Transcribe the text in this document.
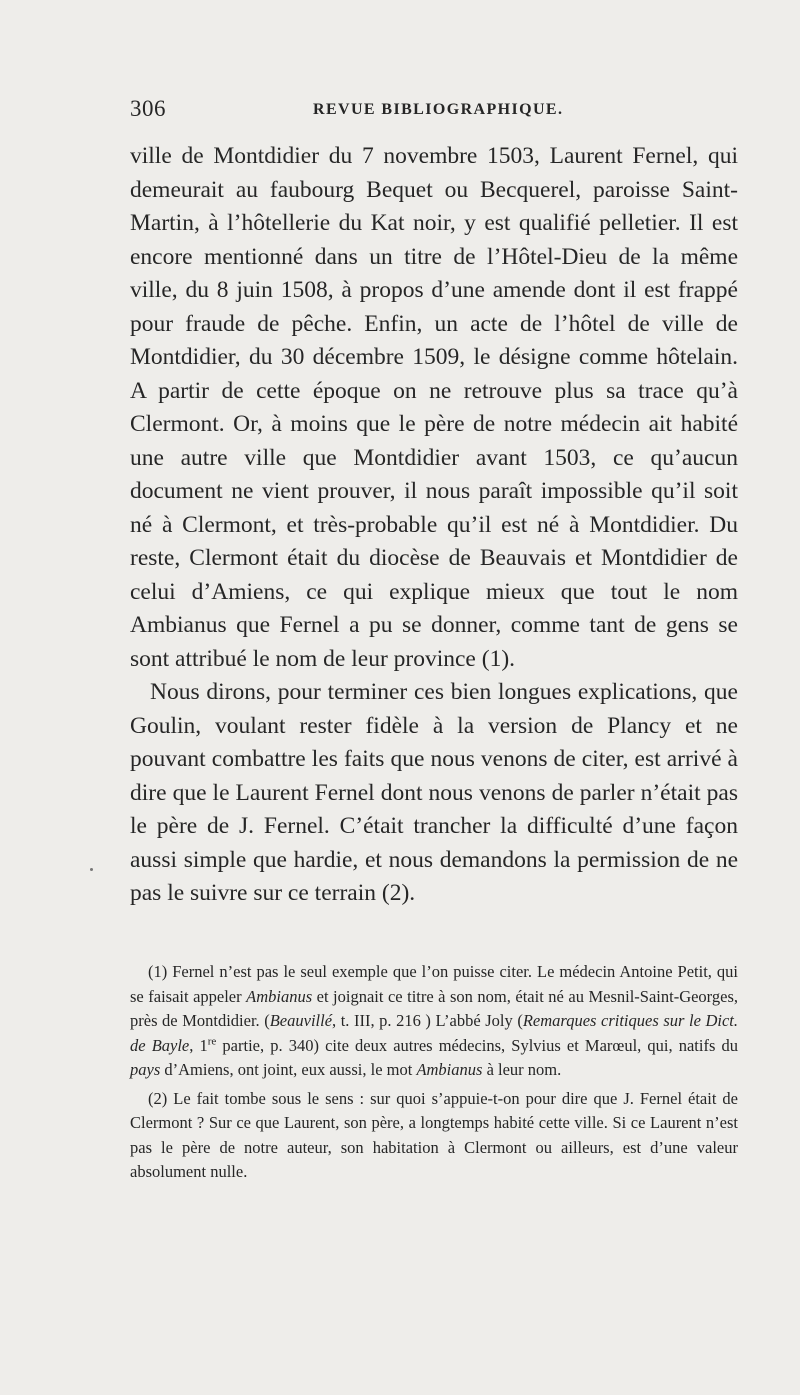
306	REVUE BIBLIOGRAPHIQUE.

ville de Montdidier du 7 novembre 1503, Laurent Fernel, qui demeurait au faubourg Bequet ou Becquerel, paroisse Saint-Martin, à l’hôtellerie du Kat noir, y est qualifié pelletier. Il est encore mentionné dans un titre de l’Hôtel-Dieu de la même ville, du 8 juin 1508, à propos d’une amende dont il est frappé pour fraude de pêche. Enfin, un acte de l’hôtel de ville de Montdidier, du 30 décembre 1509, le désigne comme hôtelain. A partir de cette époque on ne retrouve plus sa trace qu’à Clermont. Or, à moins que le père de notre médecin ait habité une autre ville que Montdidier avant 1503, ce qu’aucun document ne vient prouver, il nous paraît impossible qu’il soit né à Clermont, et très-probable qu’il est né à Montdidier. Du reste, Clermont était du diocèse de Beauvais et Montdidier de celui d’Amiens, ce qui explique mieux que tout le nom Ambianus que Fernel a pu se donner, comme tant de gens se sont attribué le nom de leur province (1).

Nous dirons, pour terminer ces bien longues explications, que Goulin, voulant rester fidèle à la version de Plancy et ne pouvant combattre les faits que nous venons de citer, est arrivé à dire que le Laurent Fernel dont nous venons de parler n’était pas le père de J. Fernel. C’était trancher la difficulté d’une façon aussi simple que hardie, et nous demandons la permission de ne pas le suivre sur ce terrain (2).

(1) Fernel n’est pas le seul exemple que l’on puisse citer. Le médecin Antoine Petit, qui se faisait appeler Ambianus et joignait ce titre à son nom, était né au Mesnil-Saint-Georges, près de Montdidier. (Beauvillé, t. III, p. 216 ) L’abbé Joly (Remarques critiques sur le Dict. de Bayle, 1re partie, p. 340) cite deux autres médecins, Sylvius et Marœul, qui, natifs du pays d’Amiens, ont joint, eux aussi, le mot Ambianus à leur nom.

(2) Le fait tombe sous le sens : sur quoi s’appuie-t-on pour dire que J. Fernel était de Clermont ? Sur ce que Laurent, son père, a longtemps habité cette ville. Si ce Laurent n’est pas le père de notre auteur, son habitation à Clermont ou ailleurs, est d’une valeur absolument nulle.
